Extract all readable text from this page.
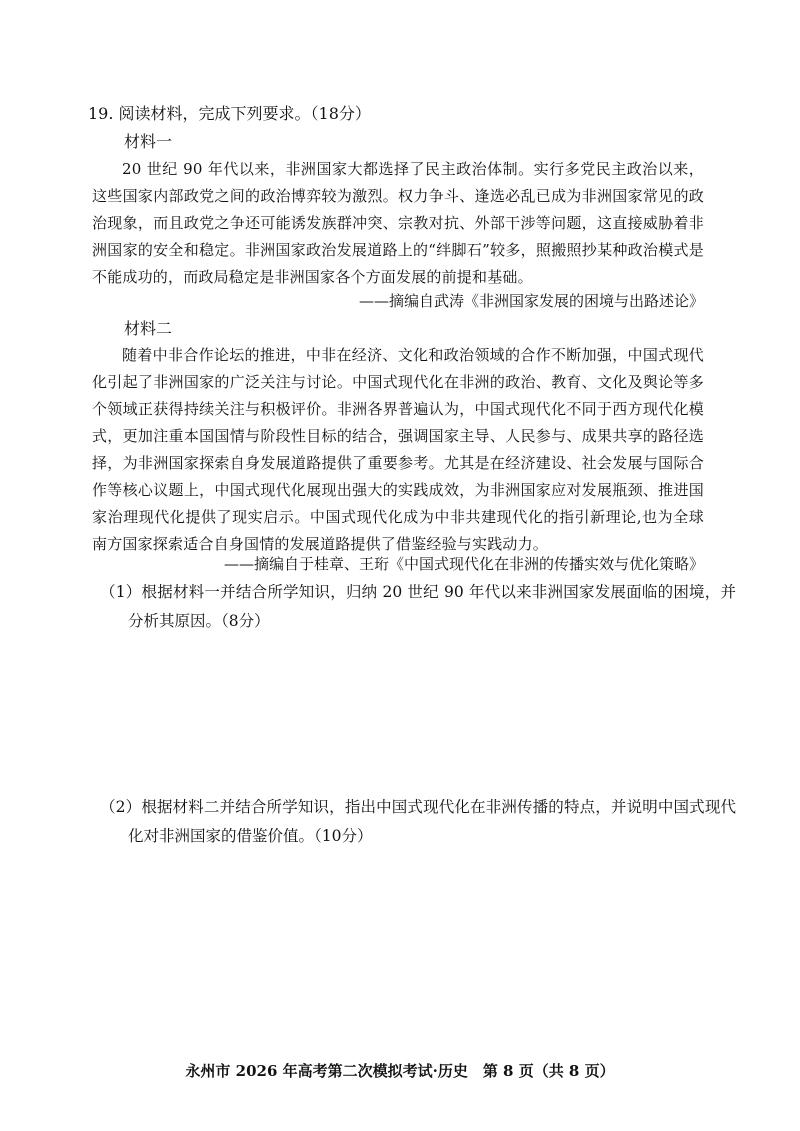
19. 阅读材料，完成下列要求。（18分）
材料一
20 世纪 90 年代以来，非洲国家大都选择了民主政治体制。实行多党民主政治以来，这些国家内部政党之间的政治博弈较为激烈。权力争斗、逢选必乱已成为非洲国家常见的政治现象，而且政党之争还可能诱发族群冲突、宗教对抗、外部干涉等问题，这直接威胁着非洲国家的安全和稳定。非洲国家政治发展道路上的“绊脚石”较多，照搬照抄某种政治模式是不能成功的，而政局稳定是非洲国家各个方面发展的前提和基础。
——摘编自武涛《非洲国家发展的困境与出路述论》
材料二
随着中非合作论坛的推进，中非在经济、文化和政治领域的合作不断加强，中国式现代化引起了非洲国家的广泛关注与讨论。中国式现代化在非洲的政治、教育、文化及舆论等多个领域正获得持续关注与积极评价。非洲各界普遍认为，中国式现代化不同于西方现代化模式，更加注重本国国情与阶段性目标的结合，强调国家主导、人民参与、成果共享的路径选择，为非洲国家探索自身发展道路提供了重要参考。尤其是在经济建设、社会发展与国际合作等核心议题上，中国式现代化展现出强大的实践成效，为非洲国家应对发展瓶颈、推进国家治理现代化提供了现实启示。中国式现代化成为中非共建现代化的指引新理论,也为全球南方国家探索适合自身国情的发展道路提供了借鉴经验与实践动力。
——摘编自于桂章、王珩《中国式现代化在非洲的传播实效与优化策略》
（1）根据材料一并结合所学知识，归纳 20 世纪 90 年代以来非洲国家发展面临的困境，并分析其原因。（8分）
（2）根据材料二并结合所学知识，指出中国式现代化在非洲传播的特点，并说明中国式现代化对非洲国家的借鉴价值。（10分）
永州市 2026 年高考第二次模拟考试·历史　第 8 页（共 8 页）
